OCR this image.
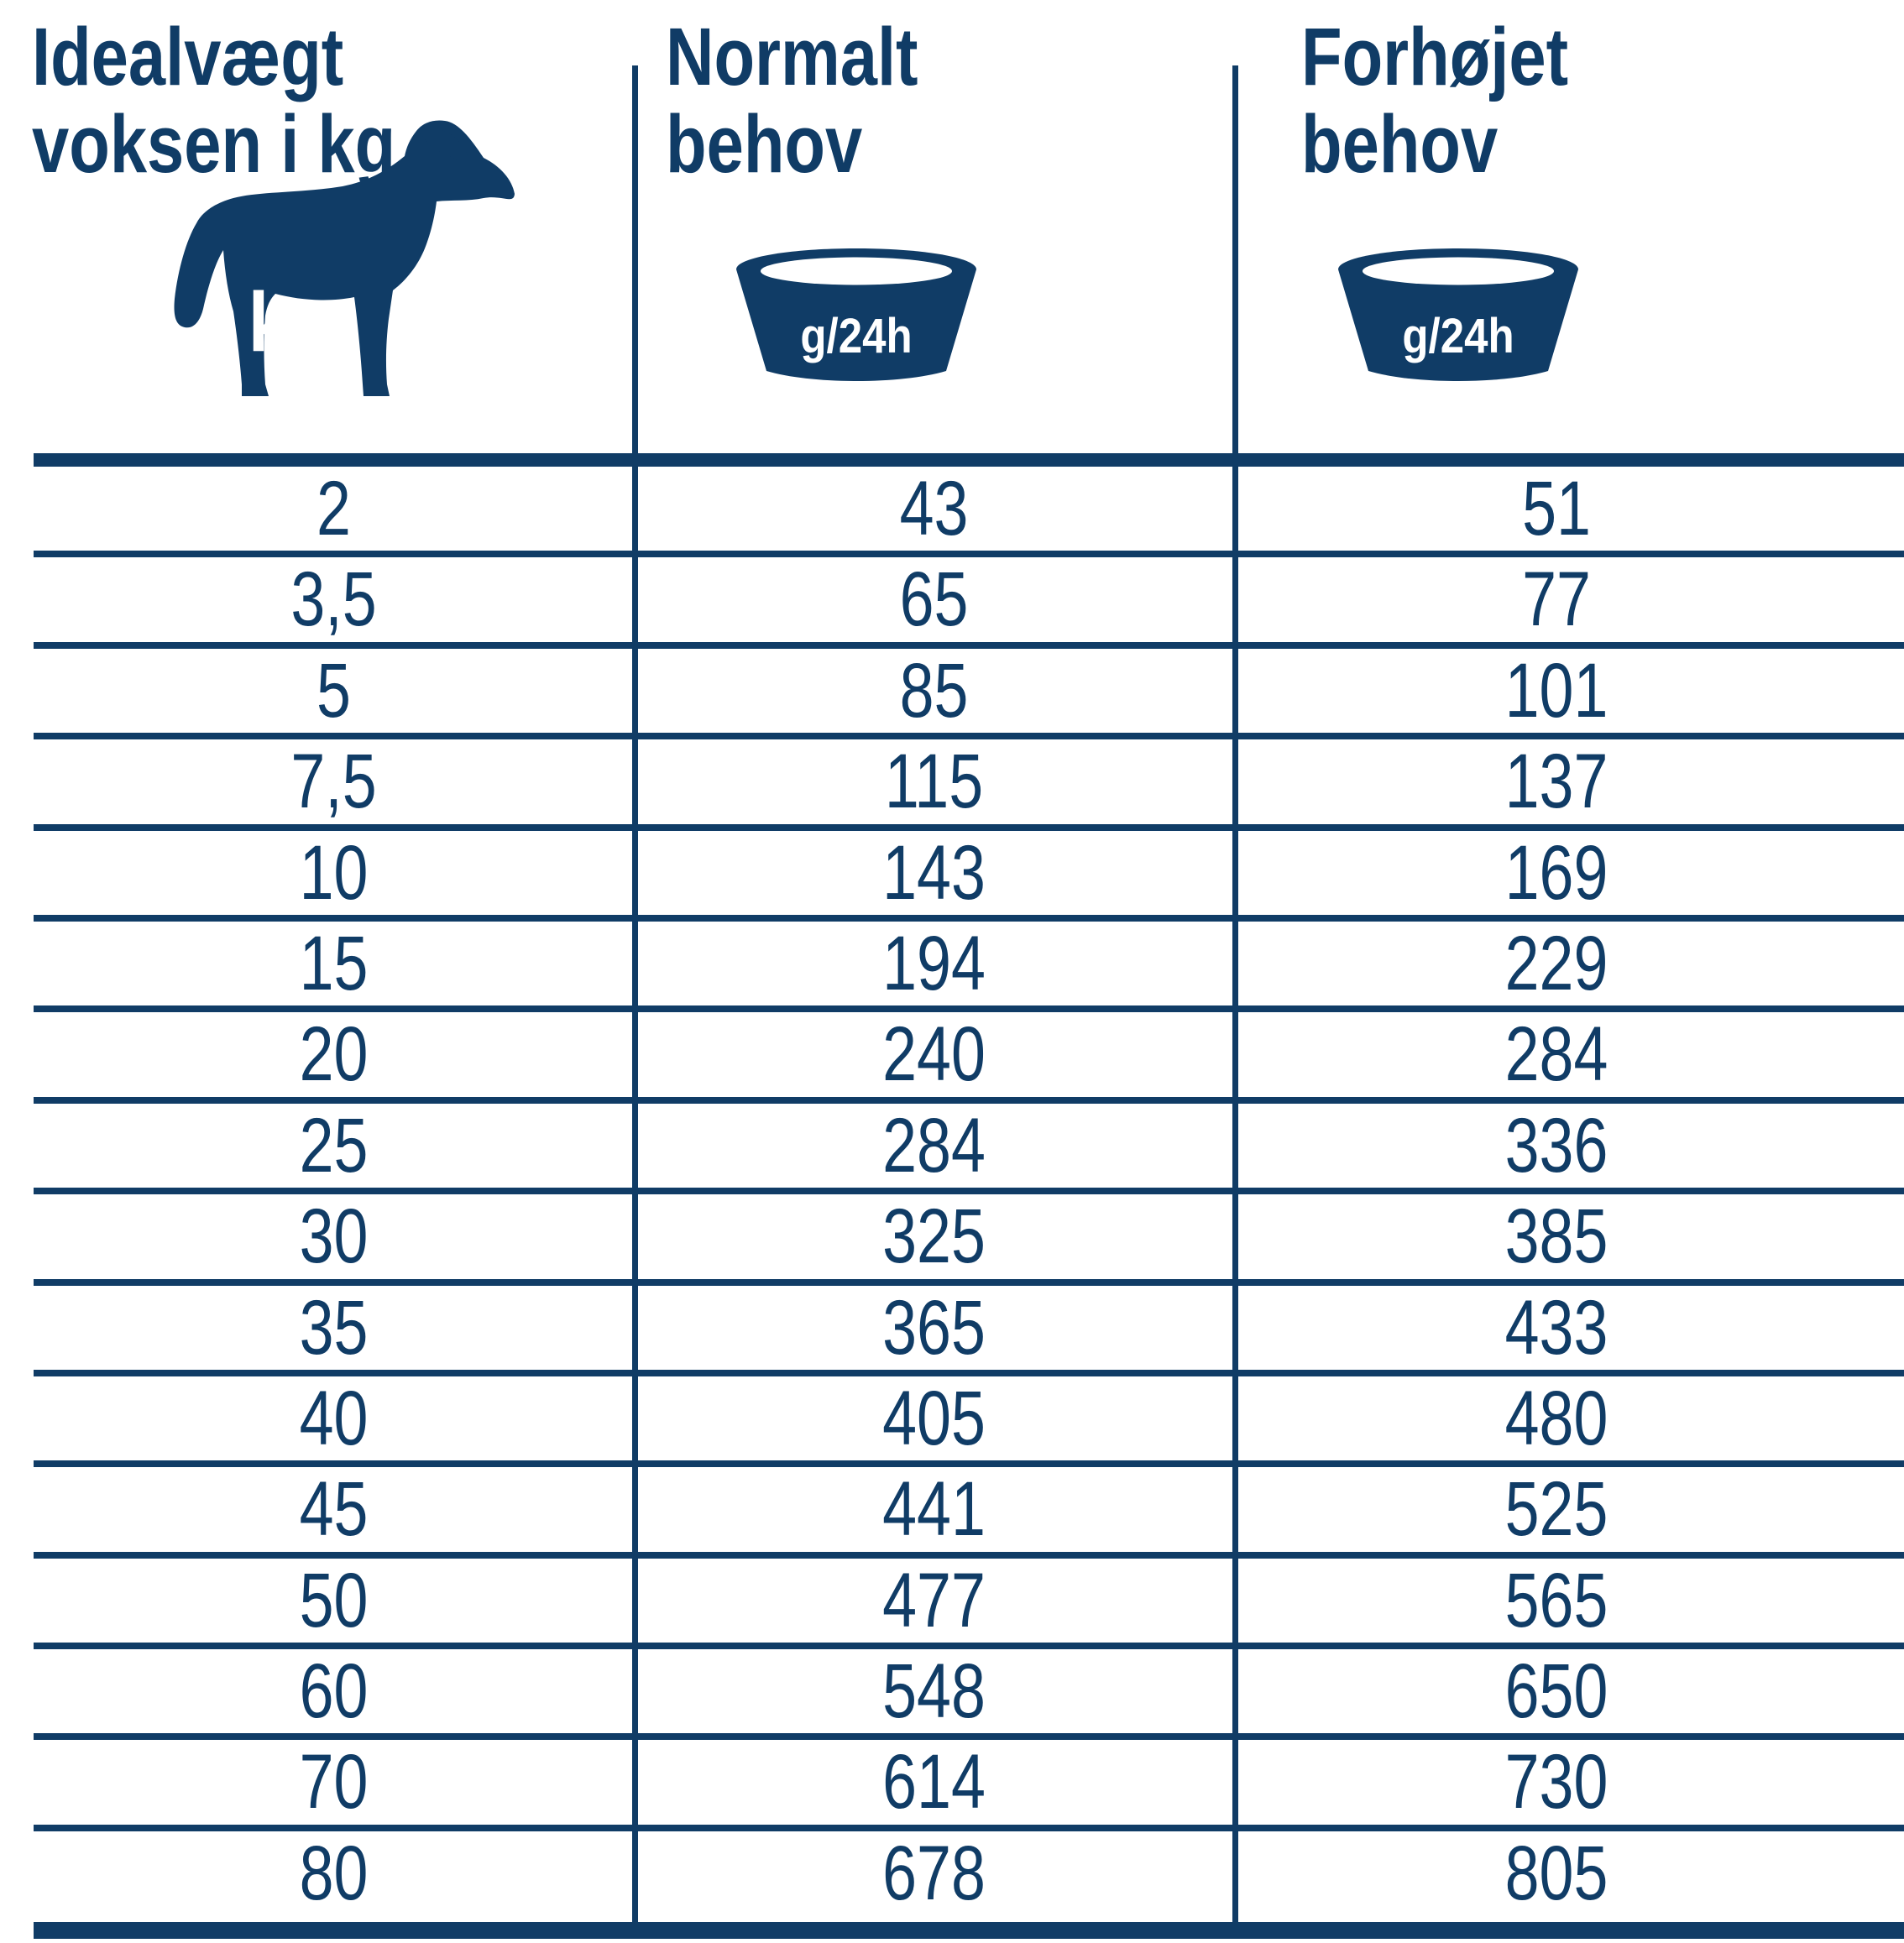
Idealvægt
voksen i kg
kg
Normalt
behov
g/24h
Forhøjet
behov
g/24h
2	43	51
3,5	65	77
5	85	101
7,5	115	137
10	143	169
15	194	229
20	240	284
25	284	336
30	325	385
35	365	433
40	405	480
45	441	525
50	477	565
60	548	650
70	614	730
80	678	805
